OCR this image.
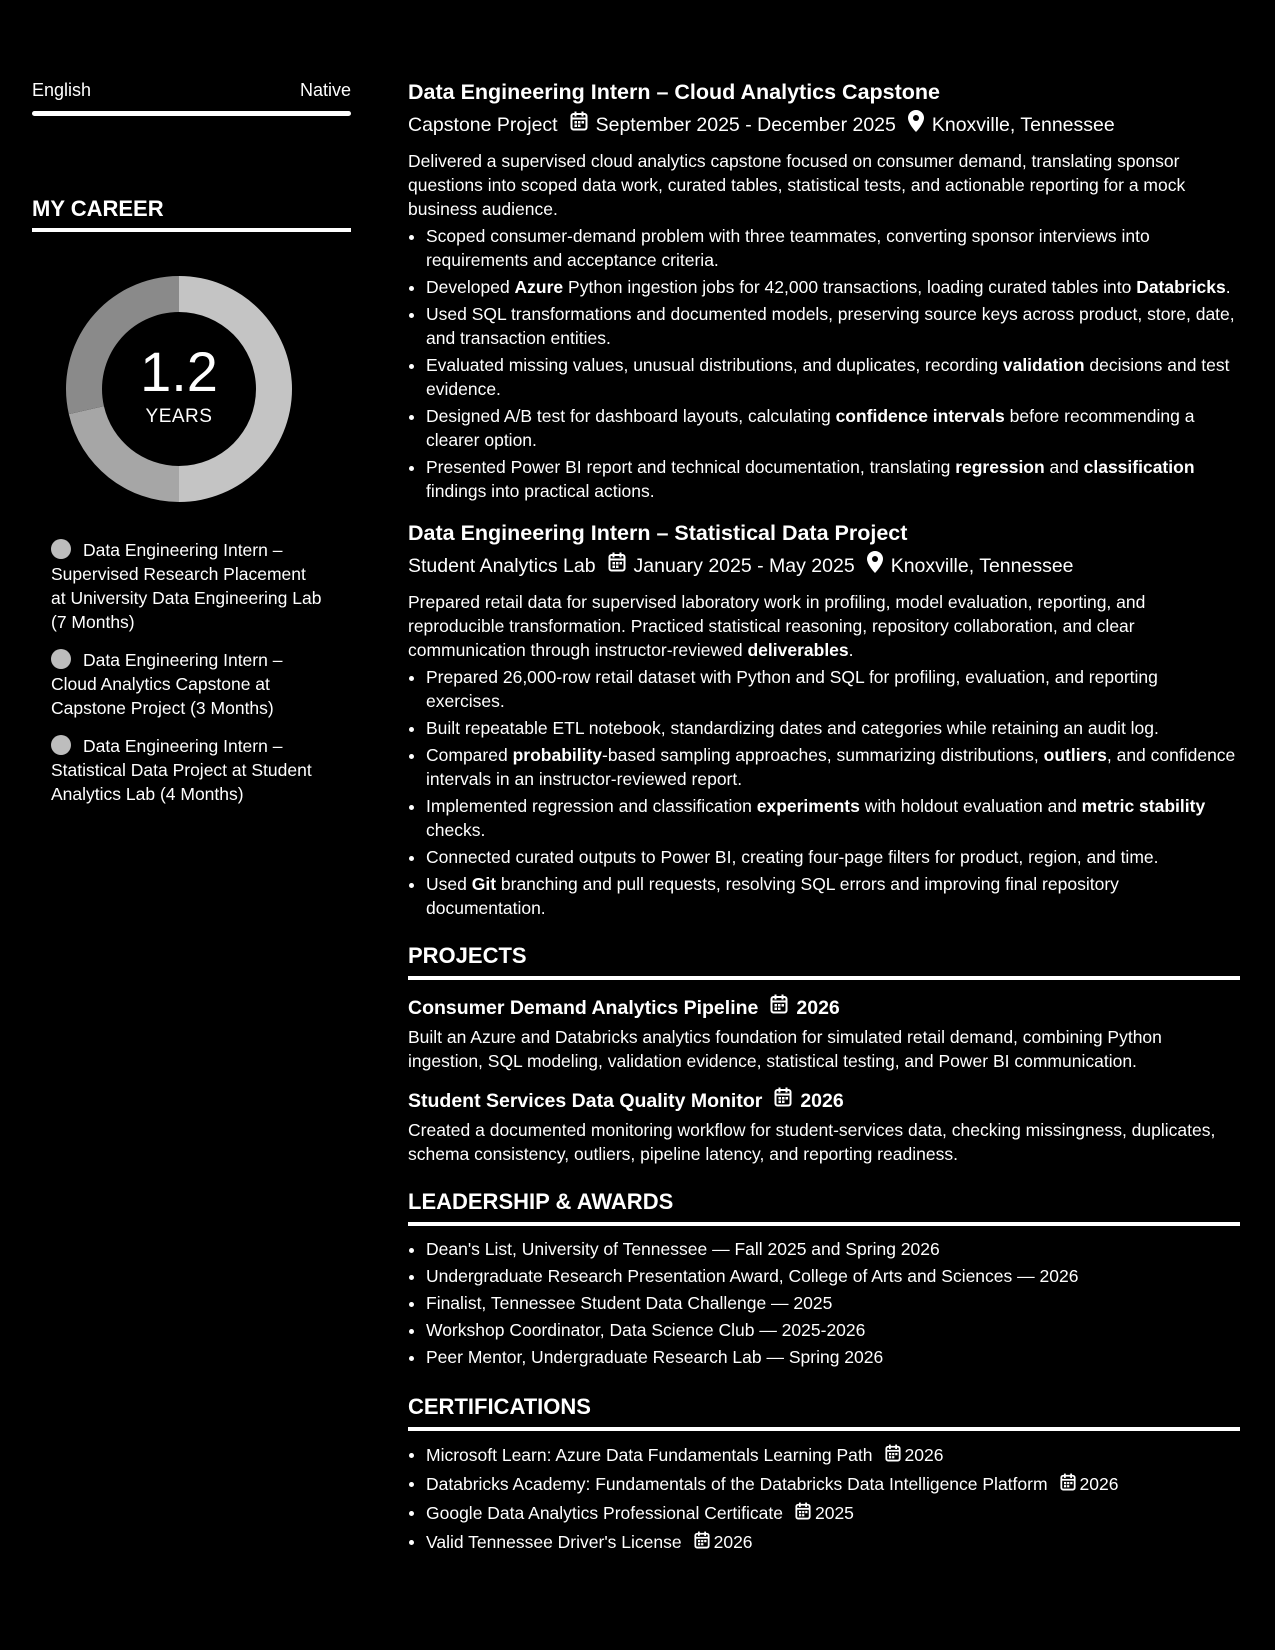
English	Native
MY CAREER
1.2
YEARS
Data Engineering Intern – Supervised Research Placement at University Data Engineering Lab (7 Months)
Data Engineering Intern – Cloud Analytics Capstone at Capstone Project (3 Months)
Data Engineering Intern – Statistical Data Project at Student Analytics Lab (4 Months)
Data Engineering Intern – Cloud Analytics Capstone
Capstone Project September 2025 - December 2025 Knoxville, Tennessee
Delivered a supervised cloud analytics capstone focused on consumer demand, translating sponsor questions into scoped data work, curated tables, statistical tests, and actionable reporting for a mock business audience.
• Scoped consumer-demand problem with three teammates, converting sponsor interviews into requirements and acceptance criteria.
• Developed Azure Python ingestion jobs for 42,000 transactions, loading curated tables into Databricks.
• Used SQL transformations and documented models, preserving source keys across product, store, date, and transaction entities.
• Evaluated missing values, unusual distributions, and duplicates, recording validation decisions and test evidence.
• Designed A/B test for dashboard layouts, calculating confidence intervals before recommending a clearer option.
• Presented Power BI report and technical documentation, translating regression and classification findings into practical actions.
Data Engineering Intern – Statistical Data Project
Student Analytics Lab January 2025 - May 2025 Knoxville, Tennessee
Prepared retail data for supervised laboratory work in profiling, model evaluation, reporting, and reproducible transformation. Practiced statistical reasoning, repository collaboration, and clear communication through instructor-reviewed deliverables.
• Prepared 26,000-row retail dataset with Python and SQL for profiling, evaluation, and reporting exercises.
• Built repeatable ETL notebook, standardizing dates and categories while retaining an audit log.
• Compared probability-based sampling approaches, summarizing distributions, outliers, and confidence intervals in an instructor-reviewed report.
• Implemented regression and classification experiments with holdout evaluation and metric stability checks.
• Connected curated outputs to Power BI, creating four-page filters for product, region, and time.
• Used Git branching and pull requests, resolving SQL errors and improving final repository documentation.
PROJECTS
Consumer Demand Analytics Pipeline 2026
Built an Azure and Databricks analytics foundation for simulated retail demand, combining Python ingestion, SQL modeling, validation evidence, statistical testing, and Power BI communication.
Student Services Data Quality Monitor 2026
Created a documented monitoring workflow for student-services data, checking missingness, duplicates, schema consistency, outliers, pipeline latency, and reporting readiness.
LEADERSHIP & AWARDS
• Dean's List, University of Tennessee — Fall 2025 and Spring 2026
• Undergraduate Research Presentation Award, College of Arts and Sciences — 2026
• Finalist, Tennessee Student Data Challenge — 2025
• Workshop Coordinator, Data Science Club — 2025-2026
• Peer Mentor, Undergraduate Research Lab — Spring 2026
CERTIFICATIONS
• Microsoft Learn: Azure Data Fundamentals Learning Path 2026
• Databricks Academy: Fundamentals of the Databricks Data Intelligence Platform 2026
• Google Data Analytics Professional Certificate 2025
• Valid Tennessee Driver's License 2026
